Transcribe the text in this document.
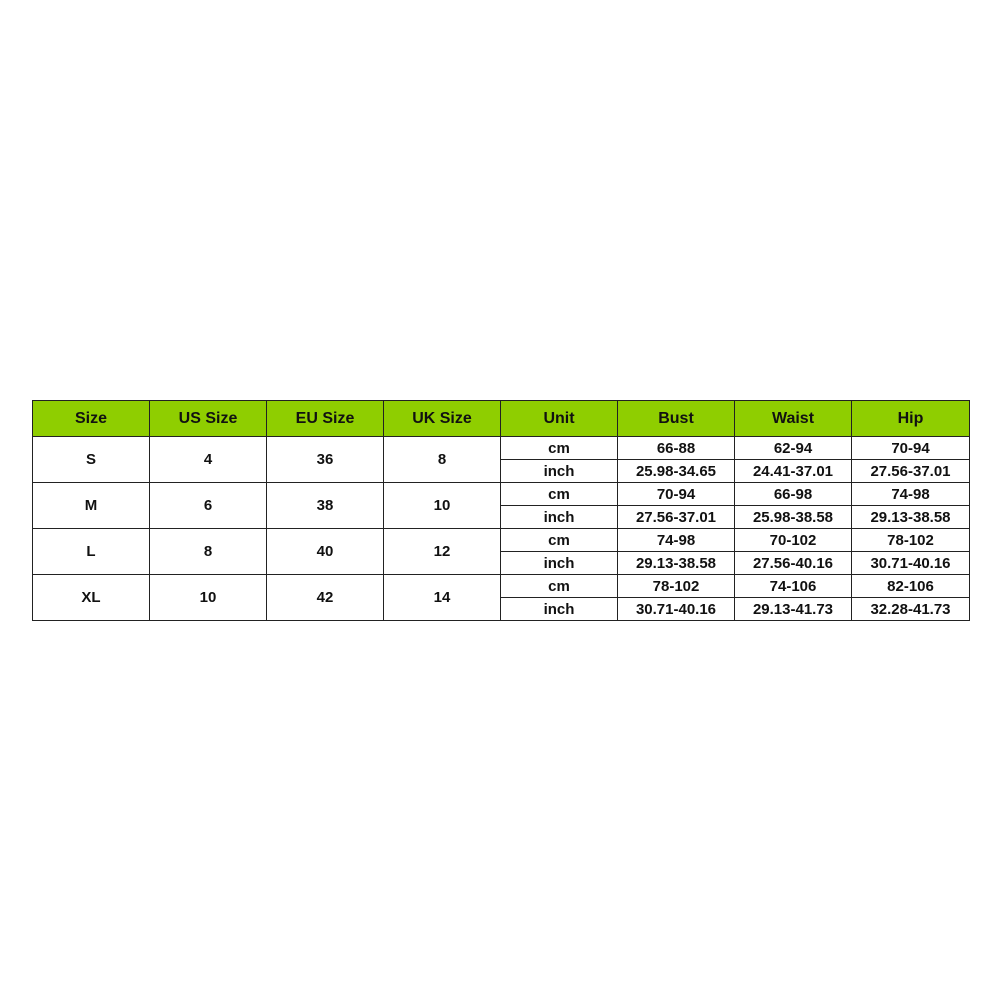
Size	US Size	EU Size	UK Size	Unit	Bust	Waist	Hip
S	4	36	8	cm	66-88	62-94	70-94
				inch	25.98-34.65	24.41-37.01	27.56-37.01
M	6	38	10	cm	70-94	66-98	74-98
				inch	27.56-37.01	25.98-38.58	29.13-38.58
L	8	40	12	cm	74-98	70-102	78-102
				inch	29.13-38.58	27.56-40.16	30.71-40.16
XL	10	42	14	cm	78-102	74-106	82-106
				inch	30.71-40.16	29.13-41.73	32.28-41.73
